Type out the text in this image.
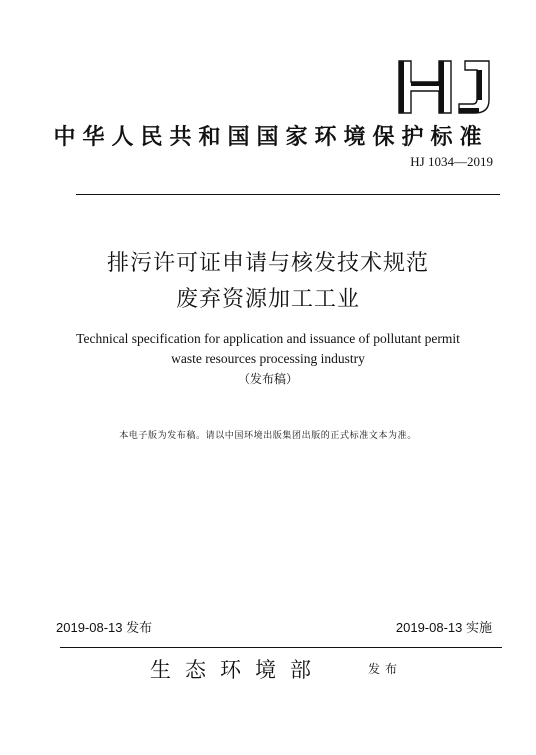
中华人民共和国国家环境保护标准
HJ 1034—2019
排污许可证申请与核发技术规范
废弃资源加工工业
Technical specification for application and issuance of pollutant permit
waste resources processing industry
（发布稿）
本电子版为发布稿。请以中国环境出版集团出版的正式标准文本为准。
2019-08-13 发布	2019-08-13 实施
生态环境部	发布
